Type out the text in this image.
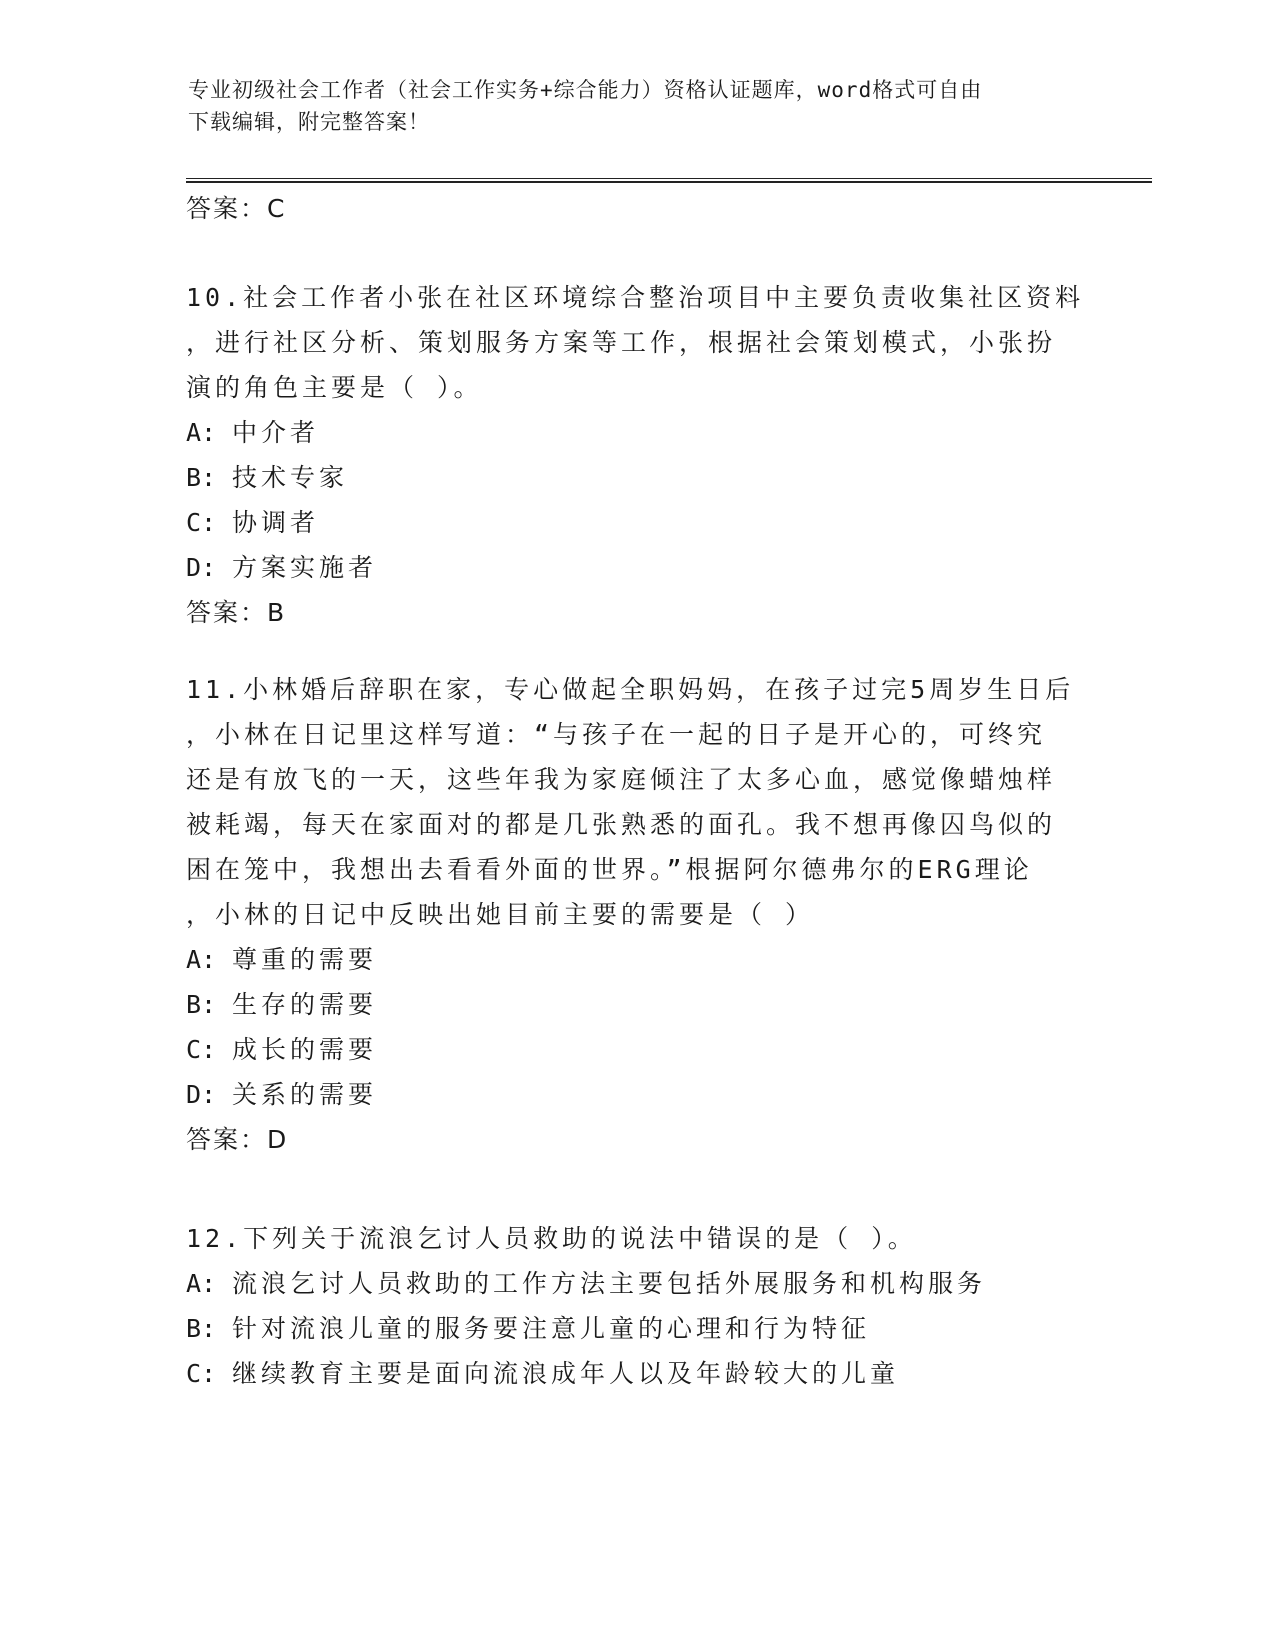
专业初级社会工作者（社会工作实务+综合能力）资格认证题库，word格式可自由
下载编辑，附完整答案！
答案：C
10.社会工作者小张在社区环境综合整治项目中主要负责收集社区资料
，进行社区分析、策划服务方案等工作，根据社会策划模式，小张扮
演的角色主要是（ ）。
A: 中介者
B: 技术专家
C: 协调者
D: 方案实施者
答案：B
11.小林婚后辞职在家，专心做起全职妈妈，在孩子过完5周岁生日后
，小林在日记里这样写道：“与孩子在一起的日子是开心的，可终究
还是有放飞的一天，这些年我为家庭倾注了太多心血，感觉像蜡烛样
被耗竭，每天在家面对的都是几张熟悉的面孔。我不想再像囚鸟似的
困在笼中，我想出去看看外面的世界。”根据阿尔德弗尔的ERG理论
，小林的日记中反映出她目前主要的需要是（ ）
A: 尊重的需要
B: 生存的需要
C: 成长的需要
D: 关系的需要
答案：D
12.下列关于流浪乞讨人员救助的说法中错误的是（ ）。
A: 流浪乞讨人员救助的工作方法主要包括外展服务和机构服务
B: 针对流浪儿童的服务要注意儿童的心理和行为特征
C: 继续教育主要是面向流浪成年人以及年龄较大的儿童
